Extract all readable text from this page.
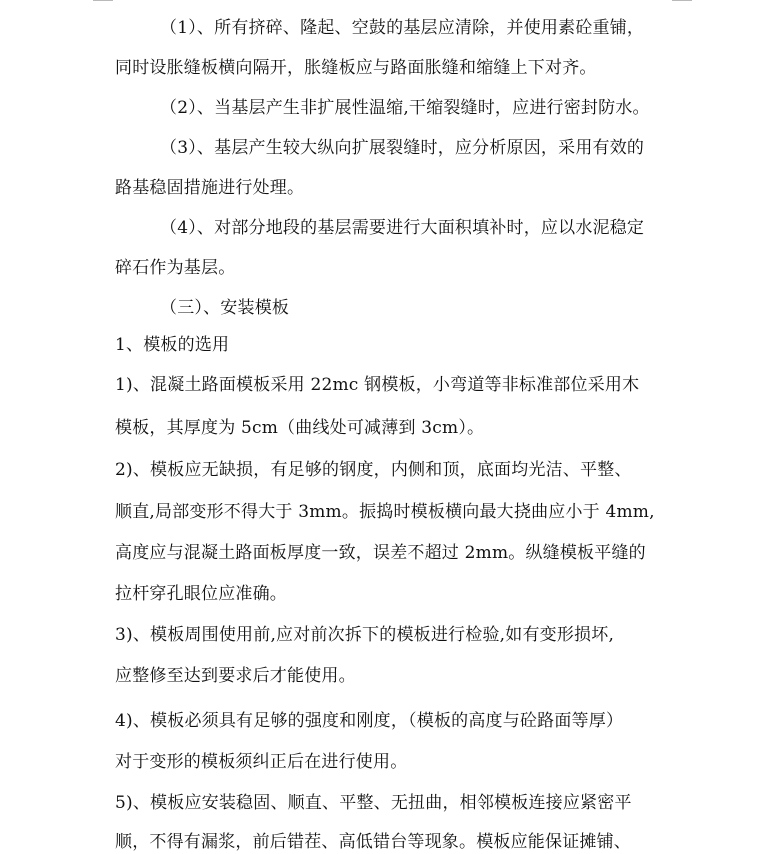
（1）、所有挤碎、隆起、空鼓的基层应清除，并使用素砼重铺，
同时设胀缝板横向隔开，胀缝板应与路面胀缝和缩缝上下对齐。
（2）、当基层产生非扩展性温缩,干缩裂缝时，应进行密封防水。
（3）、基层产生较大纵向扩展裂缝时，应分析原因，采用有效的
路基稳固措施进行处理。
（4）、对部分地段的基层需要进行大面积填补时，应以水泥稳定
碎石作为基层。
（三）、安装模板
1、模板的选用
1)、混凝土路面模板采用 22mc 钢模板，小弯道等非标准部位采用木
模板，其厚度为 5cm（曲线处可减薄到 3cm）。
2)、模板应无缺损，有足够的钢度，内侧和顶，底面均光洁、平整、
顺直,局部变形不得大于 3mm。振捣时模板横向最大挠曲应小于 4mm,
高度应与混凝土路面板厚度一致，误差不超过 2mm。纵缝模板平缝的
拉杆穿孔眼位应准确。
3)、模板周围使用前,应对前次拆下的模板进行检验,如有变形损坏,
应整修至达到要求后才能使用。
4)、模板必须具有足够的强度和刚度，（模板的高度与砼路面等厚）
对于变形的模板须纠正后在进行使用。
5)、模板应安装稳固、顺直、平整、无扭曲，相邻模板连接应紧密平
顺，不得有漏浆，前后错茬、高低错台等现象。模板应能保证摊铺、
